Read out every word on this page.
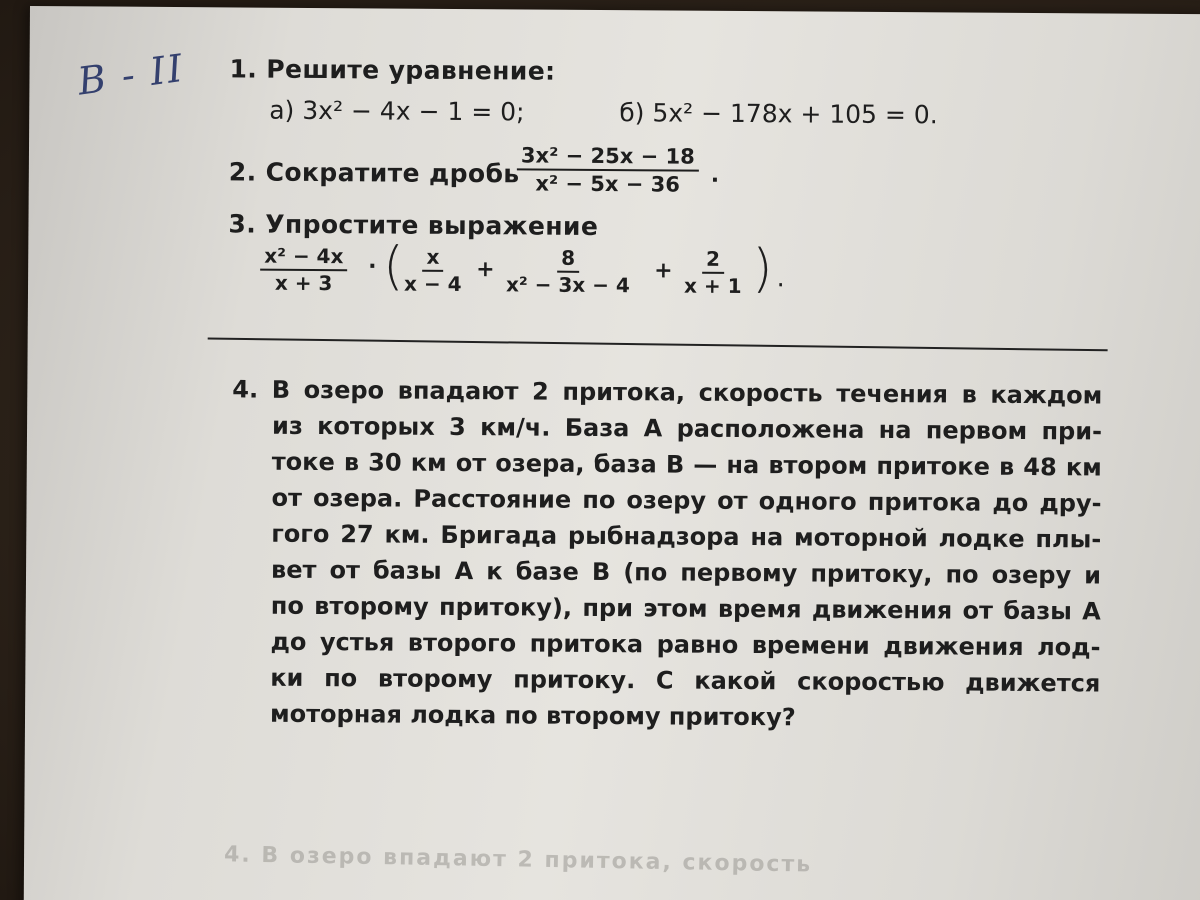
В - II 1. Решите уравнение:
а) 3x² − 4x − 1 = 0;	б) 5x² − 178x + 105 = 0.
2. Сократите дробь
$\frac{\text{3x² − 25x − 18}}{\text{x² − 5x − 36}}$ .
3. Упростите выражение
$\frac{\text{x² − 4x}}{x + 3}$ · (
$\frac{x}{x - 4} + \frac{8}{\text{x² − 3x − 4}} + \frac{2}{x + 1}$ ).
4. В озеро впадают 2 притока, скорость течения в каждом
из которых 3 км/ч. База A расположена на первом при-
токе в 30 км от озера, база B — на втором притоке в 48 км
от озера. Расстояние по озеру от одного притока до дру-
гого 27 км. Бригада рыбнадзора на моторной лодке плы-
вет от базы A к базе B (по первому притоку, по озеру и
по второму притоку), при этом время движения от базы A
до устья второго притока равно времени движения лод-
ки по второму притоку. С какой скоростью движется
моторная лодка по второму притоку?
4. В озеро впадают 2 притока, скорость
